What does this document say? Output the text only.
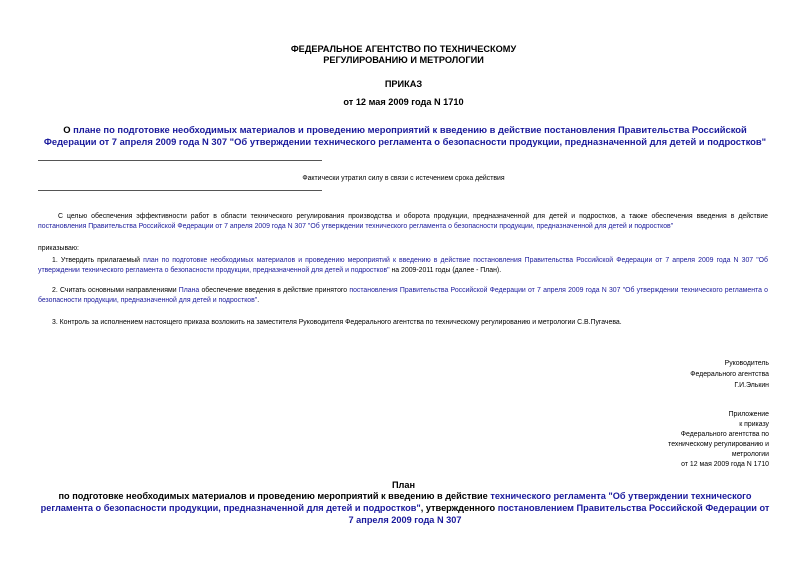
ФЕДЕРАЛЬНОЕ АГЕНТСТВО ПО ТЕХНИЧЕСКОМУ
РЕГУЛИРОВАНИЮ И МЕТРОЛОГИИ
ПРИКАЗ
от 12 мая 2009 года N 1710
О плане по подготовке необходимых материалов и проведению мероприятий к введению в действие постановления Правительства Российской Федерации от 7 апреля 2009 года N 307 "Об утверждении технического регламента о безопасности продукции, предназначенной для детей и подростков"
Фактически утратил силу в связи с истечением срока действия
С целью обеспечения эффективности работ в области технического регулирования производства и оборота продукции, предназначенной для детей и подростков, а также обеспечения введения в действие постановления Правительства Российской Федерации от 7 апреля 2009 года N 307 "Об утверждении технического регламента о безопасности продукции, предназначенной для детей и подростков"
приказываю:
1. Утвердить прилагаемый план по подготовке необходимых материалов и проведению мероприятий к введению в действие постановления Правительства Российской Федерации от 7 апреля 2009 года N 307 "Об утверждении технического регламента о безопасности продукции, предназначенной для детей и подростков" на 2009-2011 годы (далее - План).
2. Считать основными направлениями Плана обеспечение введения в действие принятого постановления Правительства Российской Федерации от 7 апреля 2009 года N 307 "Об утверждении технического регламента о безопасности продукции, предназначенной для детей и подростков".
3. Контроль за исполнением настоящего приказа возложить на заместителя Руководителя Федерального агентства по техническому регулированию и метрологии С.В.Пугачева.
Руководитель
Федерального агентства
Г.И.Элькин
Приложение
к приказу
Федерального агентства по
техническому регулированию и
метрологии
от 12 мая 2009 года N 1710
План
по подготовке необходимых материалов и проведению мероприятий к введению в действие технического регламента "Об утверждении технического регламента о безопасности продукции, предназначенной для детей и подростков", утвержденного постановлением Правительства Российской Федерации от 7 апреля 2009 года N 307
